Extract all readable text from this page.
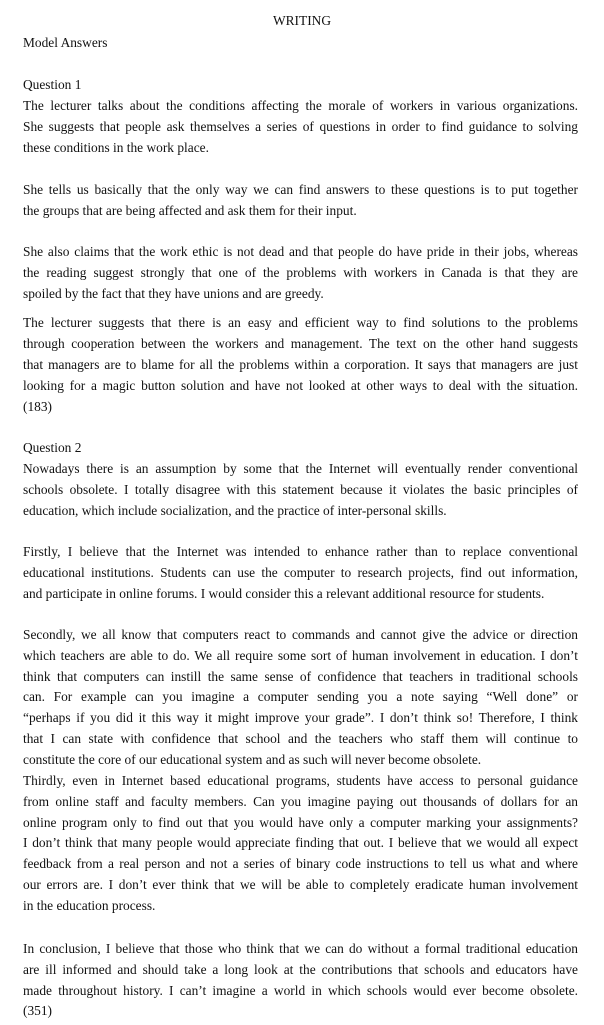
WRITING
Model Answers
Question 1
The lecturer talks about the conditions affecting the morale of workers in various organizations.
She suggests that people ask themselves a series of questions in order to find guidance to solving
these conditions in the work place.
She tells us basically that the only way we can find answers to these questions is to put together
the groups that are being affected and ask them for their input.
She also claims that the work ethic is not dead and that people do have pride in their jobs, whereas
the reading suggest strongly that one of the problems with workers in Canada is that they are
spoiled by the fact that they have unions and are greedy.
The lecturer suggests that there is an easy and efficient way to find solutions to the problems
through cooperation between the workers and management. The text on the other hand suggests
that managers are to blame for all the problems within a corporation. It says that managers are just
looking for a magic button solution and have not looked at other ways to deal with the situation.
(183)
Question 2
Nowadays there is an assumption by some that the Internet will eventually render conventional
schools obsolete. I totally disagree with this statement because it violates the basic principles of
education, which include socialization, and the practice of inter-personal skills.
Firstly, I believe that the Internet was intended to enhance rather than to replace conventional
educational institutions. Students can use the computer to research projects, find out information,
and participate in online forums. I would consider this a relevant additional resource for students.
Secondly, we all know that computers react to commands and cannot give the advice or direction
which teachers are able to do. We all require some sort of human involvement in education. I don’t
think that computers can instill the same sense of confidence that teachers in traditional schools
can. For example can you imagine a computer sending you a note saying “Well done” or
“perhaps if you did it this way it might improve your grade”. I don’t think so! Therefore, I think
that I can state with confidence that school and the teachers who staff them will continue to
constitute the core of our educational system and as such will never become obsolete.
Thirdly, even in Internet based educational programs, students have access to personal guidance
from online staff and faculty members. Can you imagine paying out thousands of dollars for an
online program only to find out that you would have only a computer marking your assignments?
I don’t think that many people would appreciate finding that out. I believe that we would all expect
feedback from a real person and not a series of binary code instructions to tell us what and where
our errors are. I don’t ever think that we will be able to completely eradicate human involvement
in the education process.
In conclusion, I believe that those who think that we can do without a formal traditional education
are ill informed and should take a long look at the contributions that schools and educators have
made throughout history. I can’t imagine a world in which schools would ever become obsolete.
(351)
